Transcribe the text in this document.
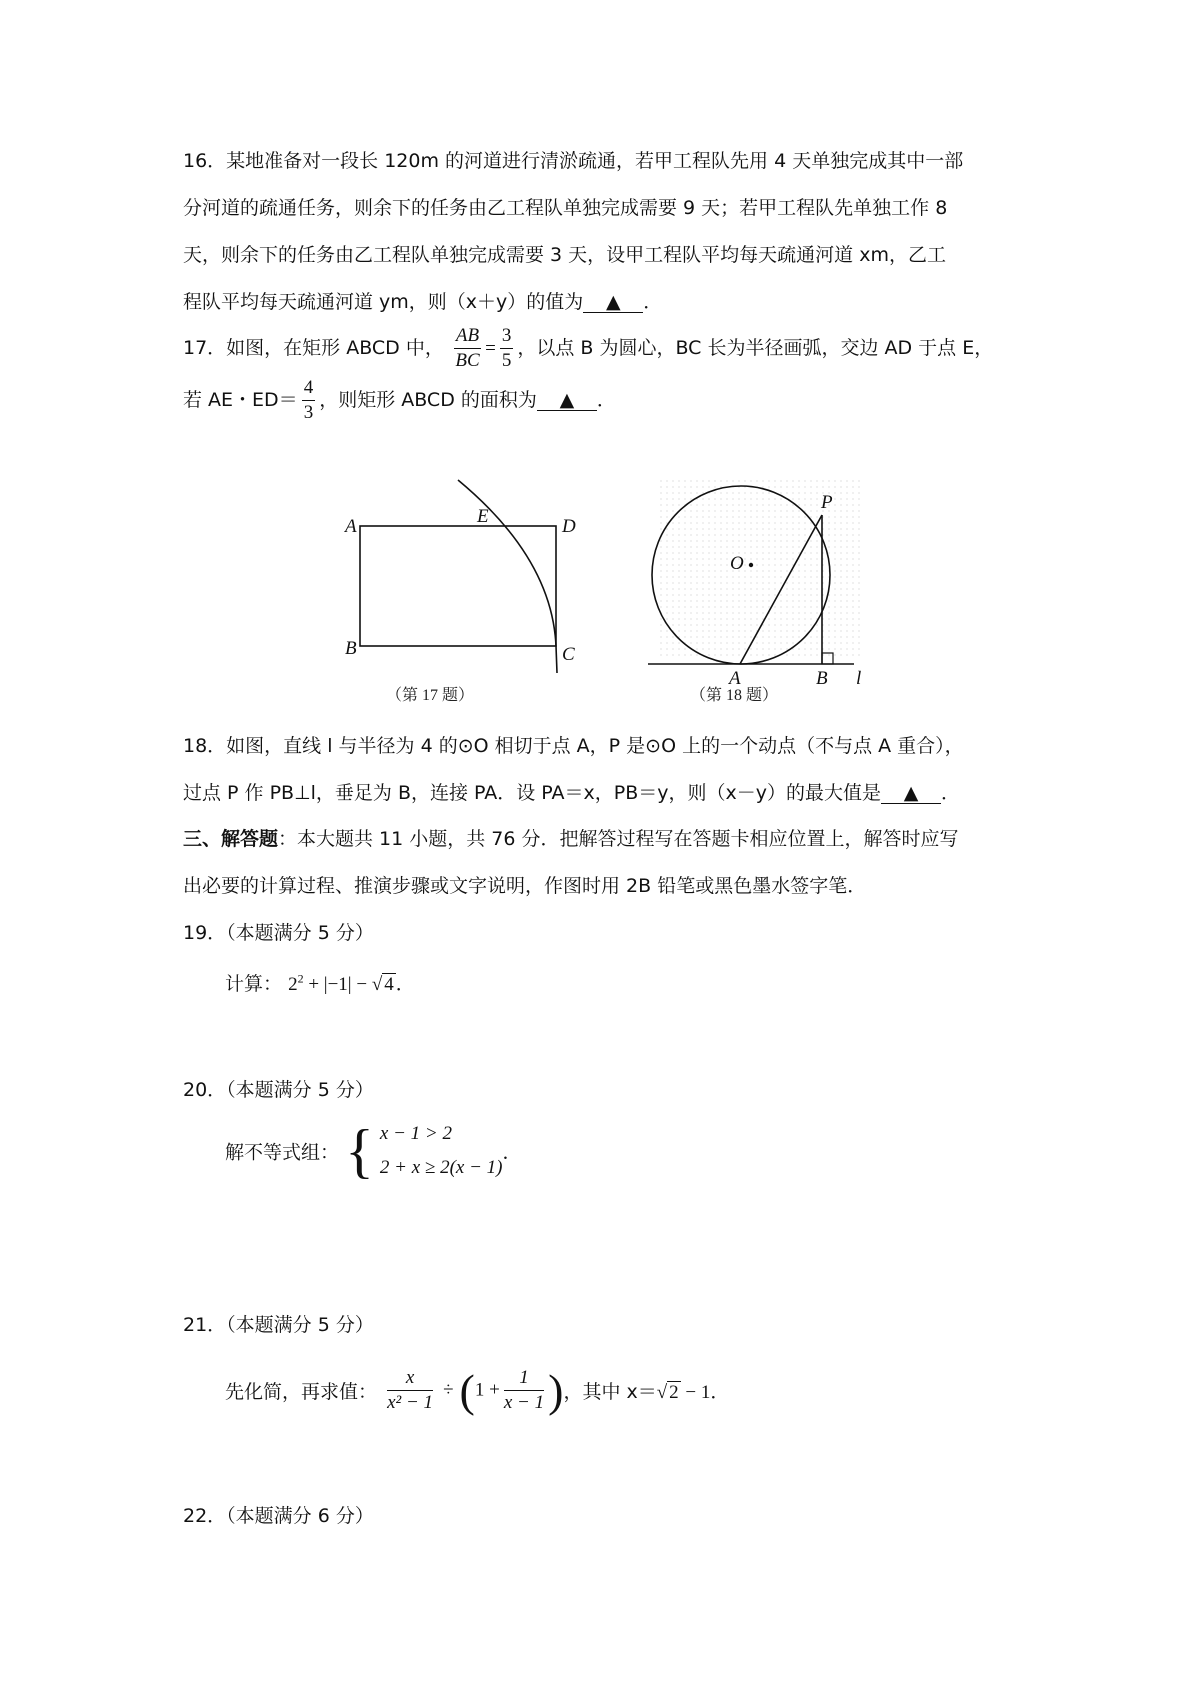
16．某地准备对一段长 120m 的河道进行清淤疏通，若甲工程队先用 4 天单独完成其中一部
分河道的疏通任务，则余下的任务由乙工程队单独完成需要 9 天；若甲工程队先单独工作 8
天，则余下的任务由乙工程队单独完成需要 3 天，设甲工程队平均每天疏通河道 xm，乙工
程队平均每天疏通河道 ym，则（x＋y）的值为 ▲ ．
17．如图，在矩形 ABCD 中， $\frac{AB}{BC} = \frac{3}{5}$ ，以点 B 为圆心，BC 长为半径画弧，交边 AD 于点 E，
若 AE・$ED= \frac{4}{3}$ ，则矩形 ABCD 的面积为 ▲ ．
A
B	C
D
E
（第 17 题）
O
P
A	B l
（第 18 题）
18．如图，直线 l 与半径为 4 的⊙O 相切于点 A，P 是⊙O 上的一个动点（不与点 A 重合），
过点 P 作 PB⊥l，垂足为 B，连接 PA．设 PA＝x，PB＝y，则（x－y）的最大值是 ▲ ．
三、解答题：本大题共 11 小题，共 76 分．把解答过程写在答题卡相应位置上，解答时应写
出必要的计算过程、推演步骤或文字说明，作图时用 2B 铅笔或黑色墨水签字笔．
19．（本题满分 5 分）
计算： $2^2 + |-1|$ − √ 4 ．
20．（本题满分 5 分）
解不等式组： { x − 1 > 2
2 + x ≥ 2(x − 1)
．
21．（本题满分 5 分）
先化简，再求值： $\frac{x}{\text{x² − 1}} \div (1 + \frac{1}{x - 1}$ )，其中 x＝√ 2 − 1．
22．（本题满分 6 分）
